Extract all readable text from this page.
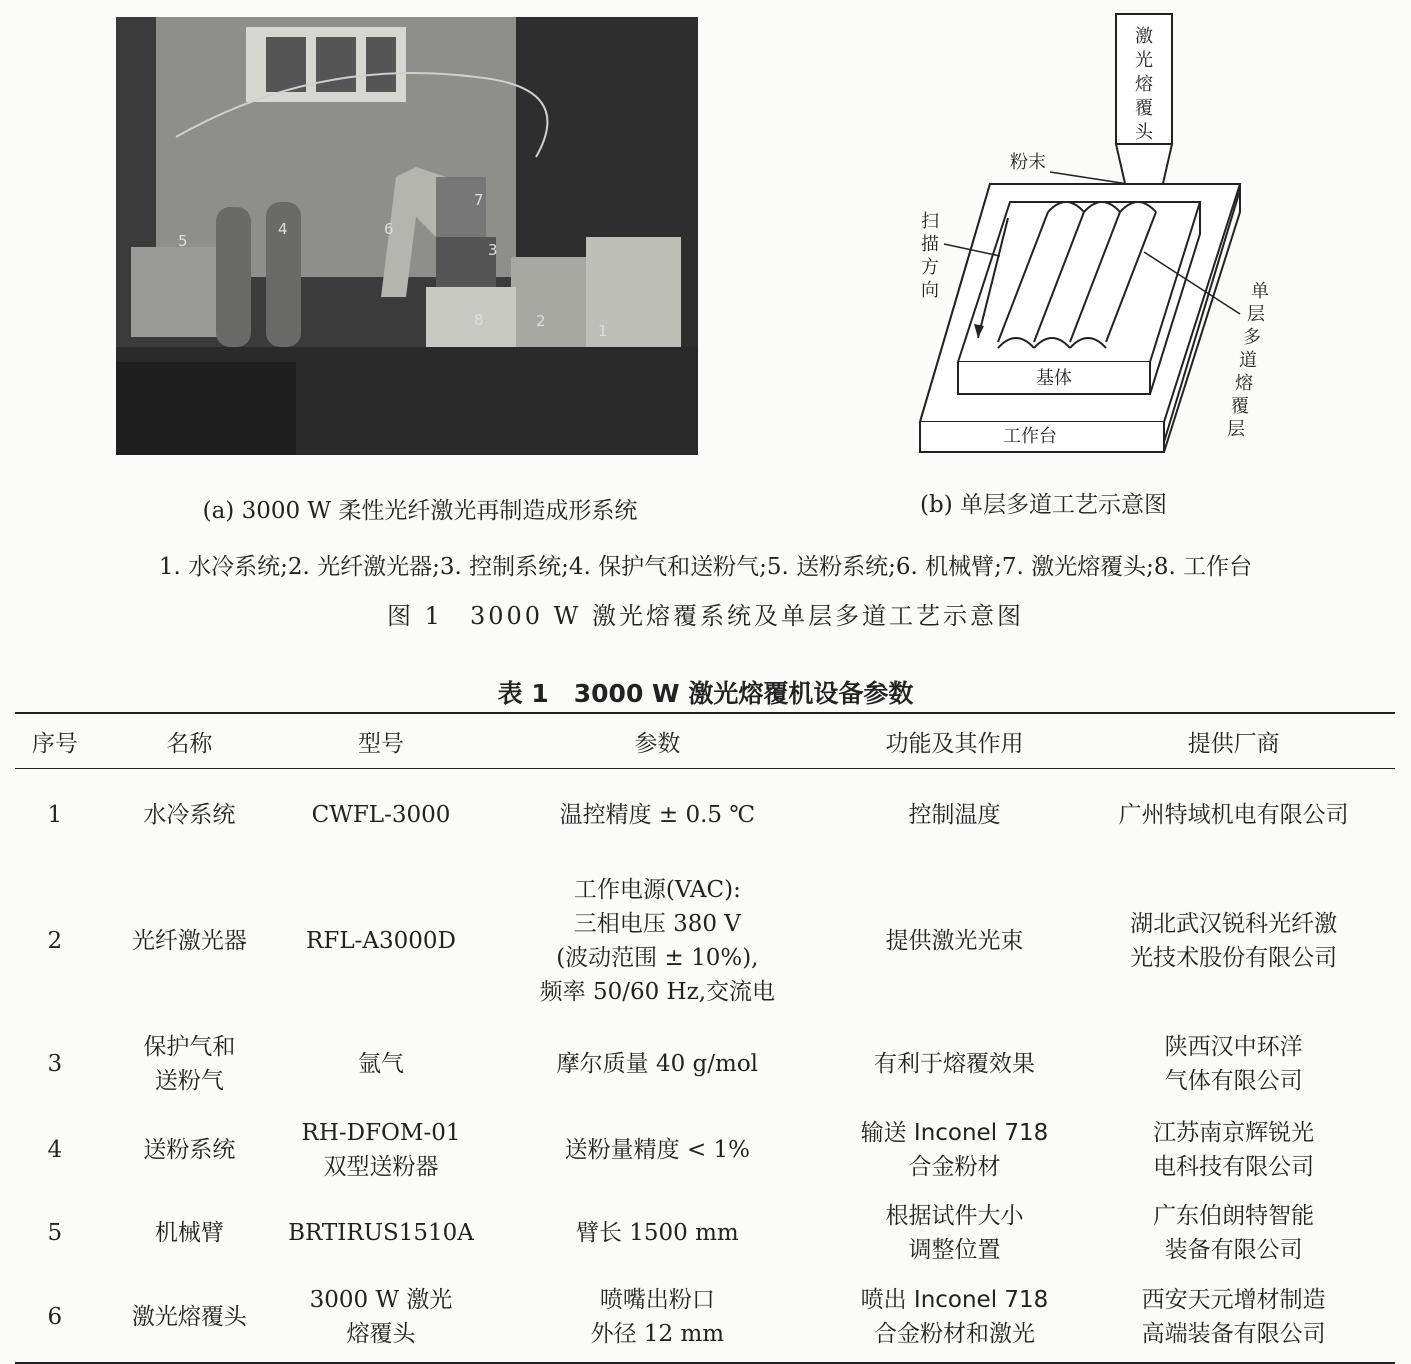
5
4	6
7
3
8	2
1
(a) 3000 W 柔性光纤激光再制造成形系统
激
光
熔
覆
头
粉末
工作台
基体
扫
描
方
向	单
层
多
道
熔
覆
层
(b) 单层多道工艺示意图
1. 水冷系统;2. 光纤激光器;3. 控制系统;4. 保护气和送粉气;5. 送粉系统;6. 机械臂;7. 激光熔覆头;8. 工作台
图 1　3000 W 激光熔覆系统及单层多道工艺示意图
表 1　3000 W 激光熔覆机设备参数
序号	名称	型号	参数	功能及其作用	提供厂商

1	水冷系统	CWFL-3000	温控精度 ± 0.5 ℃	控制温度	广州特域机电有限公司

2	光纤激光器	RFL-A3000D	工作电源(VAC):
三相电压 380 V
(波动范围 ± 10%),
频率 50/60 Hz,交流电	提供激光光束	湖北武汉锐科光纤激
光技术股份有限公司

3	保护气和
送粉气	氩气	摩尔质量 40 g/mol	有利于熔覆效果	陕西汉中环洋
气体有限公司

4	送粉系统	RH-DFOM-01
双型送粉器	送粉量精度 < 1%	输送 Inconel 718
合金粉材	江苏南京辉锐光
电科技有限公司

5	机械臂	BRTIRUS1510A	臂长 1500 mm	根据试件大小
调整位置	广东伯朗特智能
装备有限公司

6	激光熔覆头	3000 W 激光
熔覆头	喷嘴出粉口
外径 12 mm	喷出 Inconel 718
合金粉材和激光	西安天元增材制造
高端装备有限公司
